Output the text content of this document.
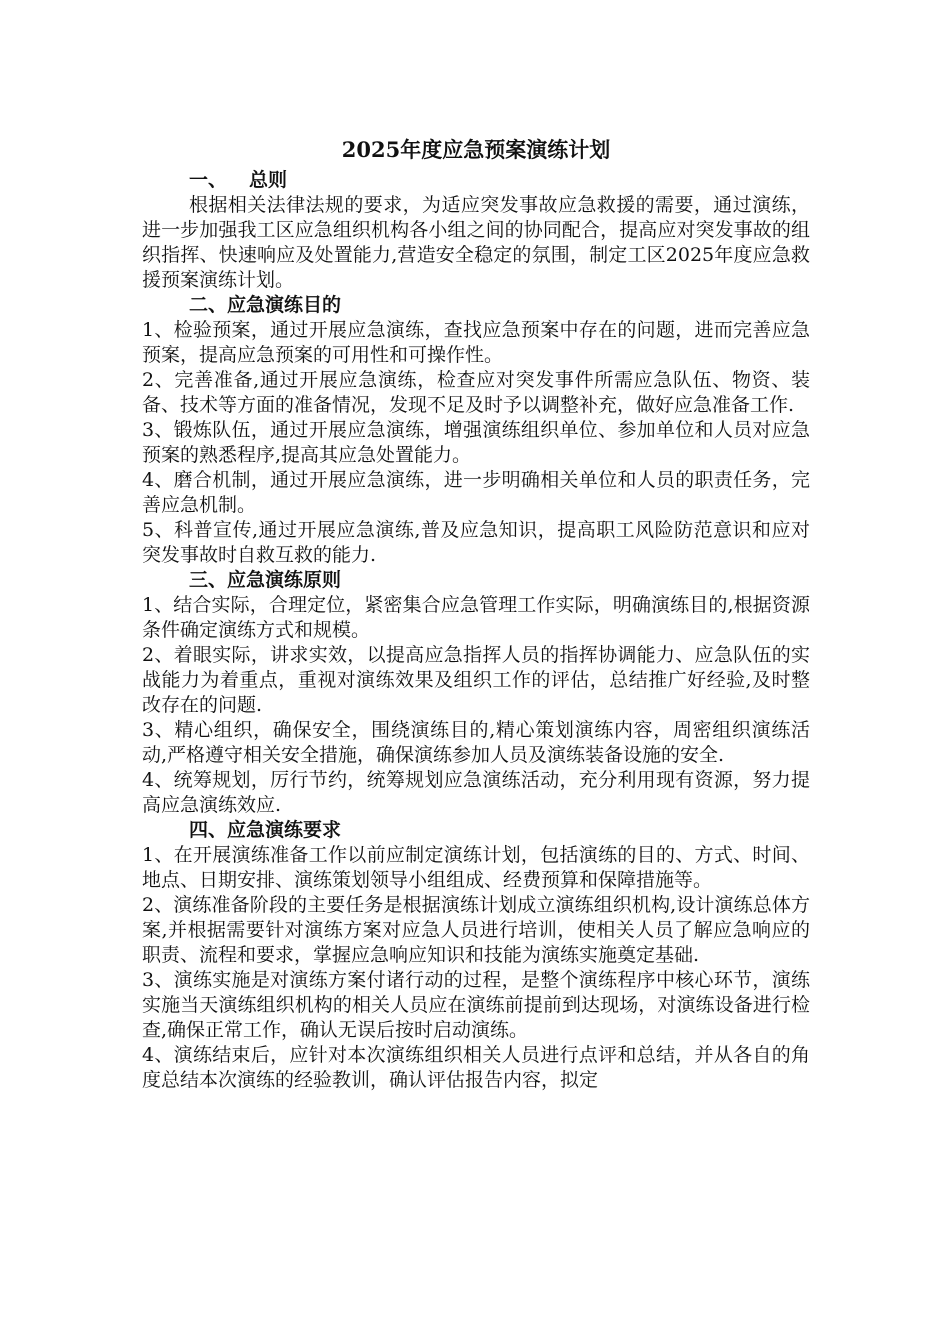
2025年度应急预案演练计划
一、 总则

根据相关法律法规的要求，为适应突发事故应急救援的需要，通过演练，进一步加强我工区应急组织机构各小组之间的协同配合，提高应对突发事故的组织指挥、快速响应及处置能力,营造安全稳定的氛围，制定工区2025年度应急救援预案演练计划。

二、应急演练目的

1、检验预案，通过开展应急演练，查找应急预案中存在的问题，进而完善应急预案，提高应急预案的可用性和可操作性。

2、完善准备,通过开展应急演练，检查应对突发事件所需应急队伍、物资、装备、技术等方面的准备情况，发现不足及时予以调整补充，做好应急准备工作.

3、锻炼队伍，通过开展应急演练，增强演练组织单位、参加单位和人员对应急预案的熟悉程序,提高其应急处置能力。

4、磨合机制，通过开展应急演练，进一步明确相关单位和人员的职责任务，完善应急机制。

5、科普宣传,通过开展应急演练,普及应急知识，提高职工风险防范意识和应对突发事故时自救互救的能力.

三、应急演练原则

1、结合实际，合理定位，紧密集合应急管理工作实际，明确演练目的,根据资源条件确定演练方式和规模。

2、着眼实际，讲求实效，以提高应急指挥人员的指挥协调能力、应急队伍的实战能力为着重点，重视对演练效果及组织工作的评估，总结推广好经验,及时整改存在的问题.

3、精心组织，确保安全，围绕演练目的,精心策划演练内容，周密组织演练活动,严格遵守相关安全措施，确保演练参加人员及演练装备设施的安全.

4、统筹规划，厉行节约，统筹规划应急演练活动，充分利用现有资源，努力提高应急演练效应.

四、应急演练要求

1、在开展演练准备工作以前应制定演练计划，包括演练的目的、方式、时间、地点、日期安排、演练策划领导小组组成、经费预算和保障措施等。

2、演练准备阶段的主要任务是根据演练计划成立演练组织机构,设计演练总体方案,并根据需要针对演练方案对应急人员进行培训，使相关人员了解应急响应的职责、流程和要求，掌握应急响应知识和技能为演练实施奠定基础.

3、演练实施是对演练方案付诸行动的过程，是整个演练程序中核心环节，演练实施当天演练组织机构的相关人员应在演练前提前到达现场，对演练设备进行检查,确保正常工作，确认无误后按时启动演练。

4、演练结束后，应针对本次演练组织相关人员进行点评和总结，并从各自的角度总结本次演练的经验教训，确认评估报告内容，拟定
